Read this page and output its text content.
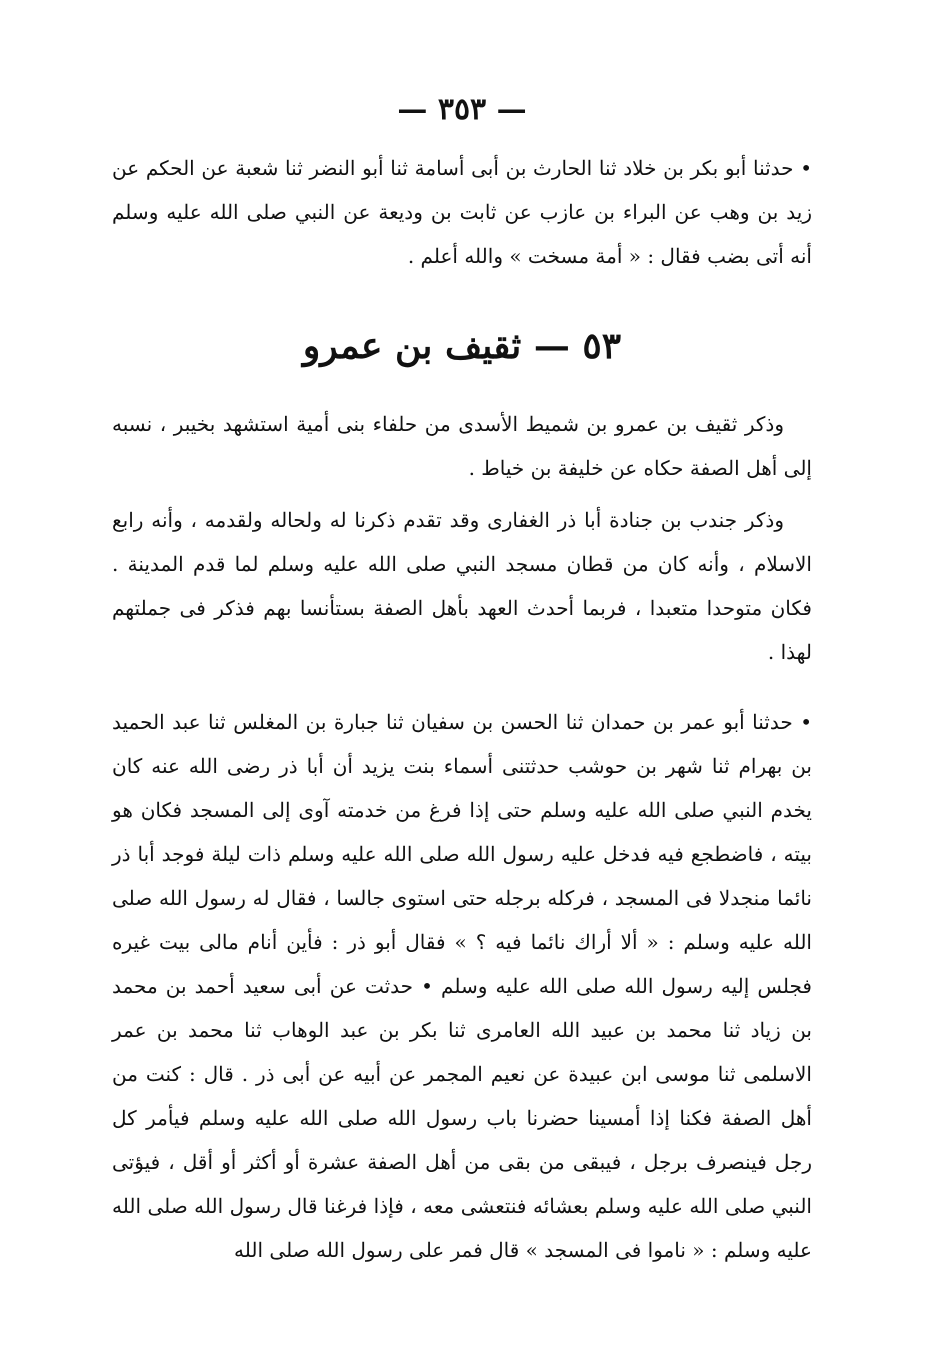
— ٣٥٣ —

• حدثنا أبو بكر بن خلاد ثنا الحارث بن أبى أسامة ثنا أبو النضر ثنا شعبة عن الحكم عن زيد بن وهب عن البراء بن عازب عن ثابت بن وديعة عن النبي صلى الله عليه وسلم أنه أتى بضب فقال : « أمة مسخت » والله أعلم .

٥٣ — ثقيف بن عمرو

وذكر ثقيف بن عمرو بن شميط الأسدى من حلفاء بنى أمية استشهد بخيبر ، نسبه إلى أهل الصفة حكاه عن خليفة بن خياط .

وذكر جندب بن جنادة أبا ذر الغفارى وقد تقدم ذكرنا له ولحاله ولقدمه ، وأنه رابع الاسلام ، وأنه كان من قطان مسجد النبي صلى الله عليه وسلم لما قدم المدينة . فكان متوحدا متعبدا ، فربما أحدث العهد بأهل الصفة بستأنسا بهم فذكر فى جملتهم لهذا .

• حدثنا أبو عمر بن حمدان ثنا الحسن بن سفيان ثنا جبارة بن المغلس ثنا عبد الحميد بن بهرام ثنا شهر بن حوشب حدثتنى أسماء بنت يزيد أن أبا ذر رضى الله عنه كان يخدم النبي صلى الله عليه وسلم حتى إذا فرغ من خدمته آوى إلى المسجد فكان هو بيته ، فاضطجع فيه فدخل عليه رسول الله صلى الله عليه وسلم ذات ليلة فوجد أبا ذر نائما منجدلا فى المسجد ، فركله برجله حتى استوى جالسا ، فقال له رسول الله صلى الله عليه وسلم : « ألا أراك نائما فيه ؟ » فقال أبو ذر : فأين أنام مالى بيت غيره فجلس إليه رسول الله صلى الله عليه وسلم • حدثت عن أبى سعيد أحمد بن محمد بن زياد ثنا محمد بن عبيد الله العامرى ثنا بكر بن عبد الوهاب ثنا محمد بن عمر الاسلمى ثنا موسى ابن عبيدة عن نعيم المجمر عن أبيه عن أبى ذر . قال : كنت من أهل الصفة فكنا إذا أمسينا حضرنا باب رسول الله صلى الله عليه وسلم فيأمر كل رجل فينصرف برجل ، فيبقى من بقى من أهل الصفة عشرة أو أكثر أو أقل ، فيؤتى النبي صلى الله عليه وسلم بعشائه فنتعشى معه ، فإذا فرغنا قال رسول الله صلى الله عليه وسلم : « ناموا فى المسجد » قال فمر على رسول الله صلى الله
